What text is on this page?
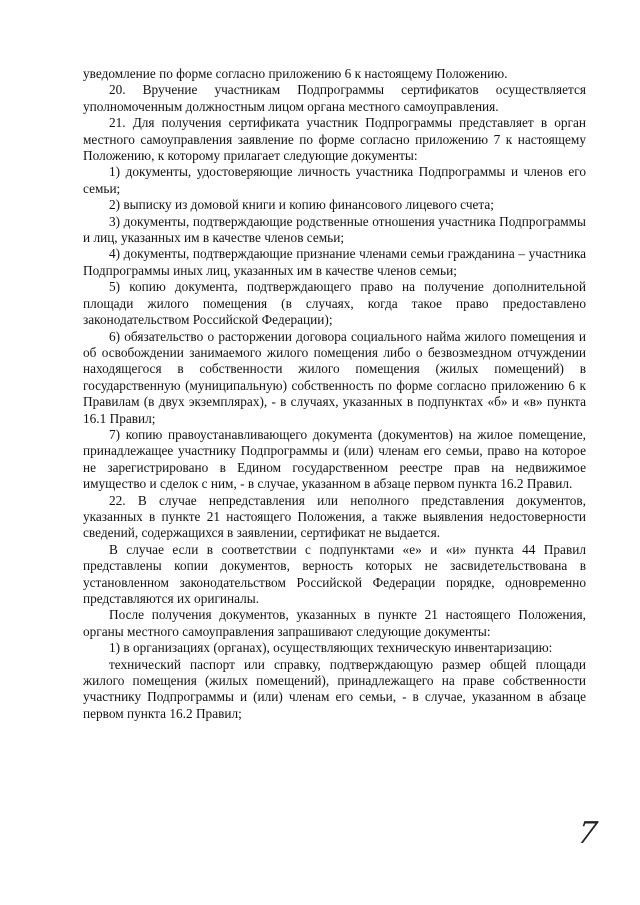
уведомление по форме согласно приложению 6 к настоящему Положению.

20. Вручение участникам Подпрограммы сертификатов осуществляется уполномоченным должностным лицом органа местного самоуправления.

21. Для получения сертификата участник Подпрограммы представляет в орган местного самоуправления заявление по форме согласно приложению 7 к настоящему Положению, к которому прилагает следующие документы:

1) документы, удостоверяющие личность участника Подпрограммы и членов его семьи;

2) выписку из домовой книги и копию финансового лицевого счета;

3) документы, подтверждающие родственные отношения участника Подпрограммы и лиц, указанных им в качестве членов семьи;

4) документы, подтверждающие признание членами семьи гражданина – участника Подпрограммы иных лиц, указанных им в качестве членов семьи;

5) копию документа, подтверждающего право на получение дополнительной площади жилого помещения (в случаях, когда такое право предоставлено законодательством Российской Федерации);

6) обязательство о расторжении договора социального найма жилого помещения и об освобождении занимаемого жилого помещения либо о безвозмездном отчуждении находящегося в собственности жилого помещения (жилых помещений) в государственную (муниципальную) собственность по форме согласно приложению 6 к Правилам (в двух экземплярах), - в случаях, указанных в подпунктах «б» и «в» пункта 16.1 Правил;

7) копию правоустанавливающего документа (документов) на жилое помещение, принадлежащее участнику Подпрограммы и (или) членам его семьи, право на которое не зарегистрировано в Едином государственном реестре прав на недвижимое имущество и сделок с ним, - в случае, указанном в абзаце первом пункта 16.2 Правил.

22. В случае непредставления или неполного представления документов, указанных в пункте 21 настоящего Положения, а также выявления недостоверности сведений, содержащихся в заявлении, сертификат не выдается.

В случае если в соответствии с подпунктами «е» и «и» пункта 44 Правил представлены копии документов, верность которых не засвидетельствована в установленном законодательством Российской Федерации порядке, одновременно представляются их оригиналы.

После получения документов, указанных в пункте 21 настоящего Положения, органы местного самоуправления запрашивают следующие документы:

1) в организациях (органах), осуществляющих техническую инвентаризацию:

технический паспорт или справку, подтверждающую размер общей площади жилого помещения (жилых помещений), принадлежащего на праве собственности участнику Подпрограммы и (или) членам его семьи, - в случае, указанном в абзаце первом пункта 16.2 Правил;

7
